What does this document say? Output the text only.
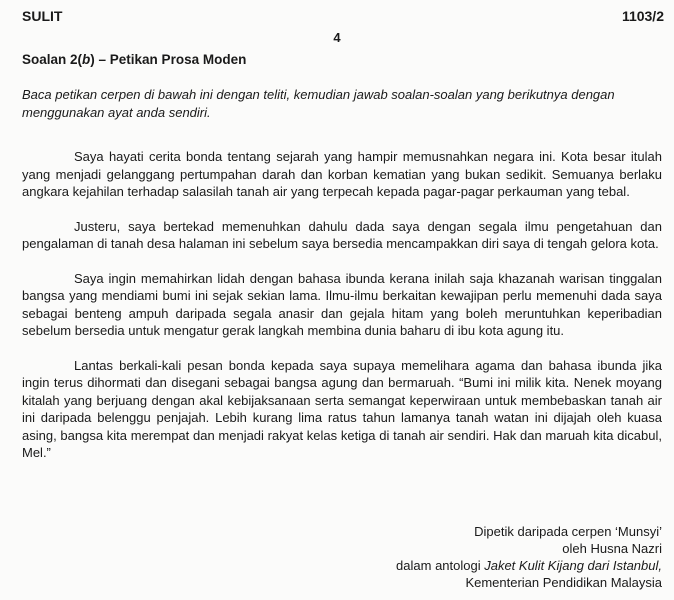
SULIT	1103/2
4
Soalan 2(b) – Petikan Prosa Moden
Baca petikan cerpen di bawah ini dengan teliti, kemudian jawab soalan-soalan yang berikutnya dengan menggunakan ayat anda sendiri.

Saya hayati cerita bonda tentang sejarah yang hampir memusnahkan negara ini. Kota besar itulah yang menjadi gelanggang pertumpahan darah dan korban kematian yang bukan sedikit. Semuanya berlaku angkara kejahilan terhadap salasilah tanah air yang terpecah kepada pagar-pagar perkauman yang tebal.

Justeru, saya bertekad memenuhkan dahulu dada saya dengan segala ilmu pengetahuan dan pengalaman di tanah desa halaman ini sebelum saya bersedia mencampakkan diri saya di tengah gelora kota.

Saya ingin memahirkan lidah dengan bahasa ibunda kerana inilah saja khazanah warisan tinggalan bangsa yang mendiami bumi ini sejak sekian lama. Ilmu-ilmu berkaitan kewajipan perlu memenuhi dada saya sebagai benteng ampuh daripada segala anasir dan gejala hitam yang boleh meruntuhkan keperibadian sebelum bersedia untuk mengatur gerak langkah membina dunia baharu di ibu kota agung itu.

Lantas berkali-kali pesan bonda kepada saya supaya memelihara agama dan bahasa ibunda jika ingin terus dihormati dan disegani sebagai bangsa agung dan bermaruah. “Bumi ini milik kita. Nenek moyang kitalah yang berjuang dengan akal kebijaksanaan serta semangat keperwiraan untuk membebaskan tanah air ini daripada belenggu penjajah. Lebih kurang lima ratus tahun lamanya tanah watan ini dijajah oleh kuasa asing, bangsa kita merempat dan menjadi rakyat kelas ketiga di tanah air sendiri. Hak dan maruah kita dicabul, Mel.”

Dipetik daripada cerpen ‘Munsyi’
oleh Husna Nazri
dalam antologi Jaket Kulit Kijang dari Istanbul,
Kementerian Pendidikan Malaysia
